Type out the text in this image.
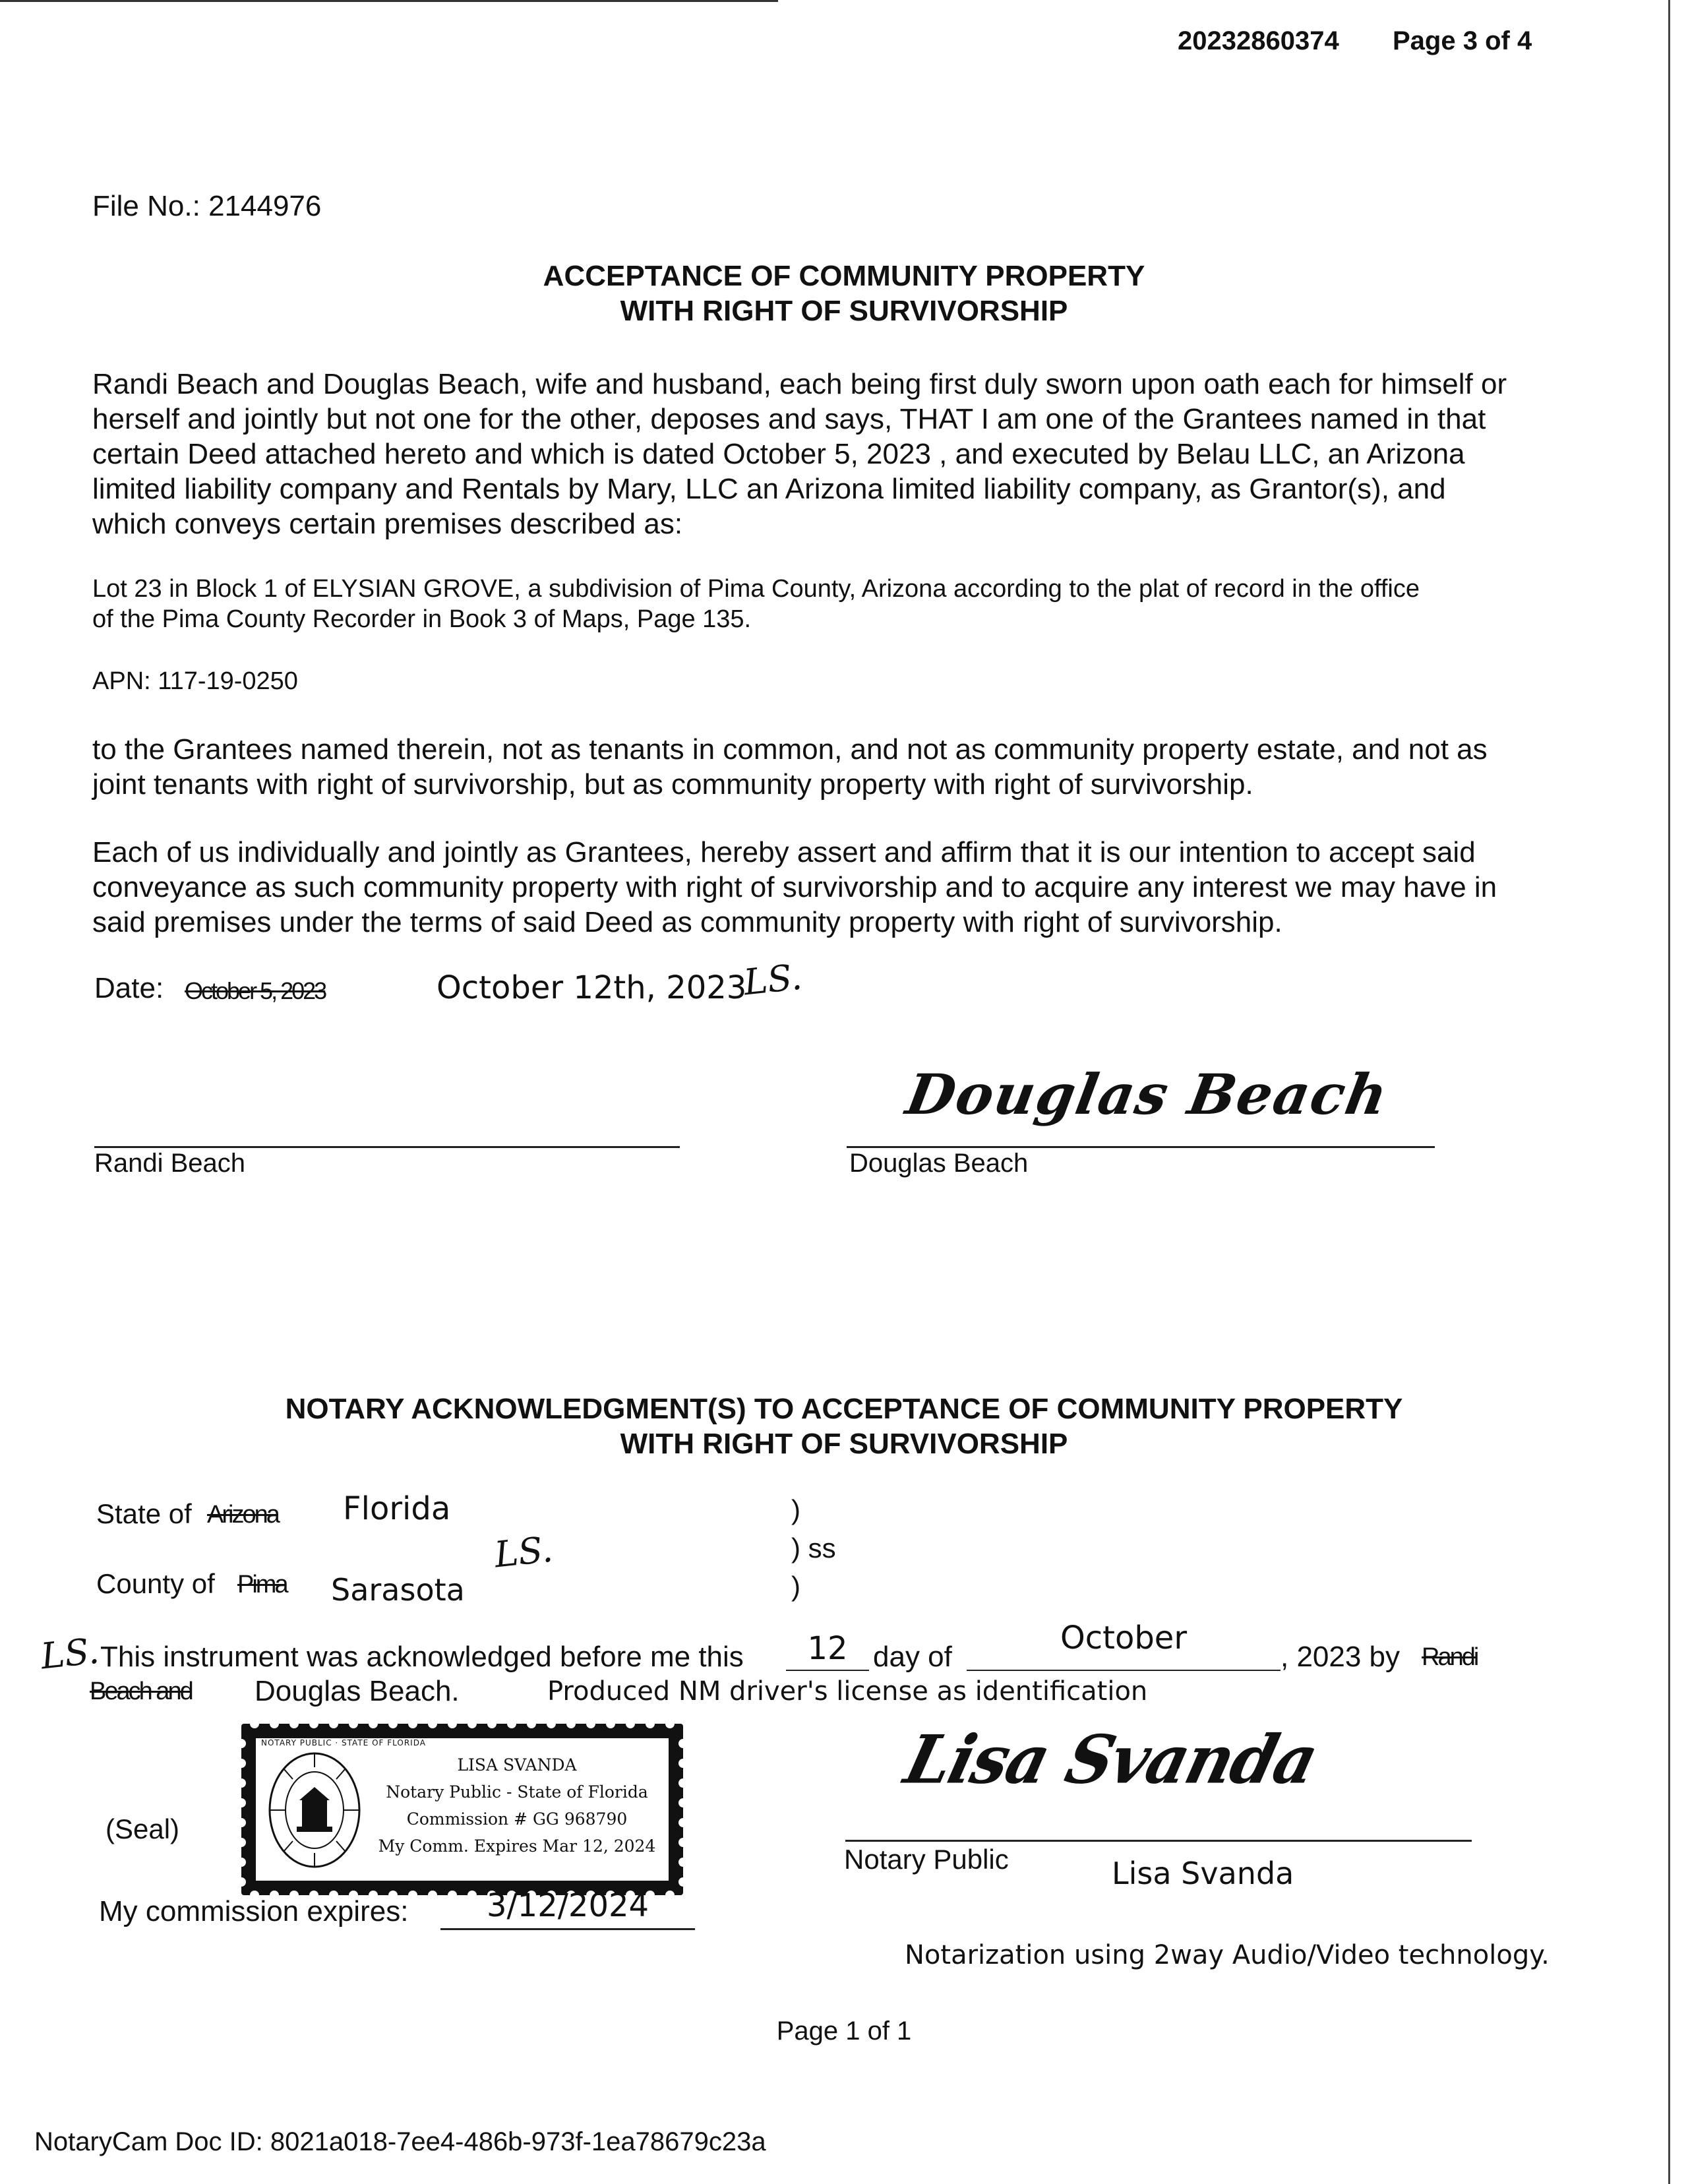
20232860374 Page 3 of 4
File No.: 2144976
ACCEPTANCE OF COMMUNITY PROPERTY
WITH RIGHT OF SURVIVORSHIP
Randi Beach and Douglas Beach, wife and husband, each being first duly sworn upon oath each for himself or
herself and jointly but not one for the other, deposes and says, THAT I am one of the Grantees named in that
certain Deed attached hereto and which is dated October 5, 2023 , and executed by Belau LLC, an Arizona
limited liability company and Rentals by Mary, LLC an Arizona limited liability company, as Grantor(s), and
which conveys certain premises described as:
Lot 23 in Block 1 of ELYSIAN GROVE, a subdivision of Pima County, Arizona according to the plat of record in the office
of the Pima County Recorder in Book 3 of Maps, Page 135.
APN: 117-19-0250
to the Grantees named therein, not as tenants in common, and not as community property estate, and not as
joint tenants with right of survivorship, but as community property with right of survivorship.
Each of us individually and jointly as Grantees, hereby assert and affirm that it is our intention to accept said
conveyance as such community property with right of survivorship and to acquire any interest we may have in
said premises under the terms of said Deed as community property with right of survivorship.
Date: October 5, 2023	October 12th, 2023
LS.
Randi Beach
Douglas Beach
Douglas Beach
NOTARY ACKNOWLEDGMENT(S) TO ACCEPTANCE OF COMMUNITY PROPERTY
WITH RIGHT OF SURVIVORSHIP
State of Arizona Florida
County of Pima Sarasota
LS.
)
) ss
)
LS.
This instrument was acknowledged before me this	12 day of
October
, 2023 by Randi
Beach and Douglas Beach.	Produced NM driver's license as identification
(Seal)
NOTARY PUBLIC · STATE OF FLORIDA
LISA SVANDA
Notary Public - State of Florida
Commission # GG 968790
My Comm. Expires Mar 12, 2024
Lisa Svanda
Notary Public	Lisa Svanda
My commission expires:	3/12/2024
Notarization using 2way Audio/Video technology.
Page 1 of 1
NotaryCam Doc ID: 8021a018-7ee4-486b-973f-1ea78679c23a
